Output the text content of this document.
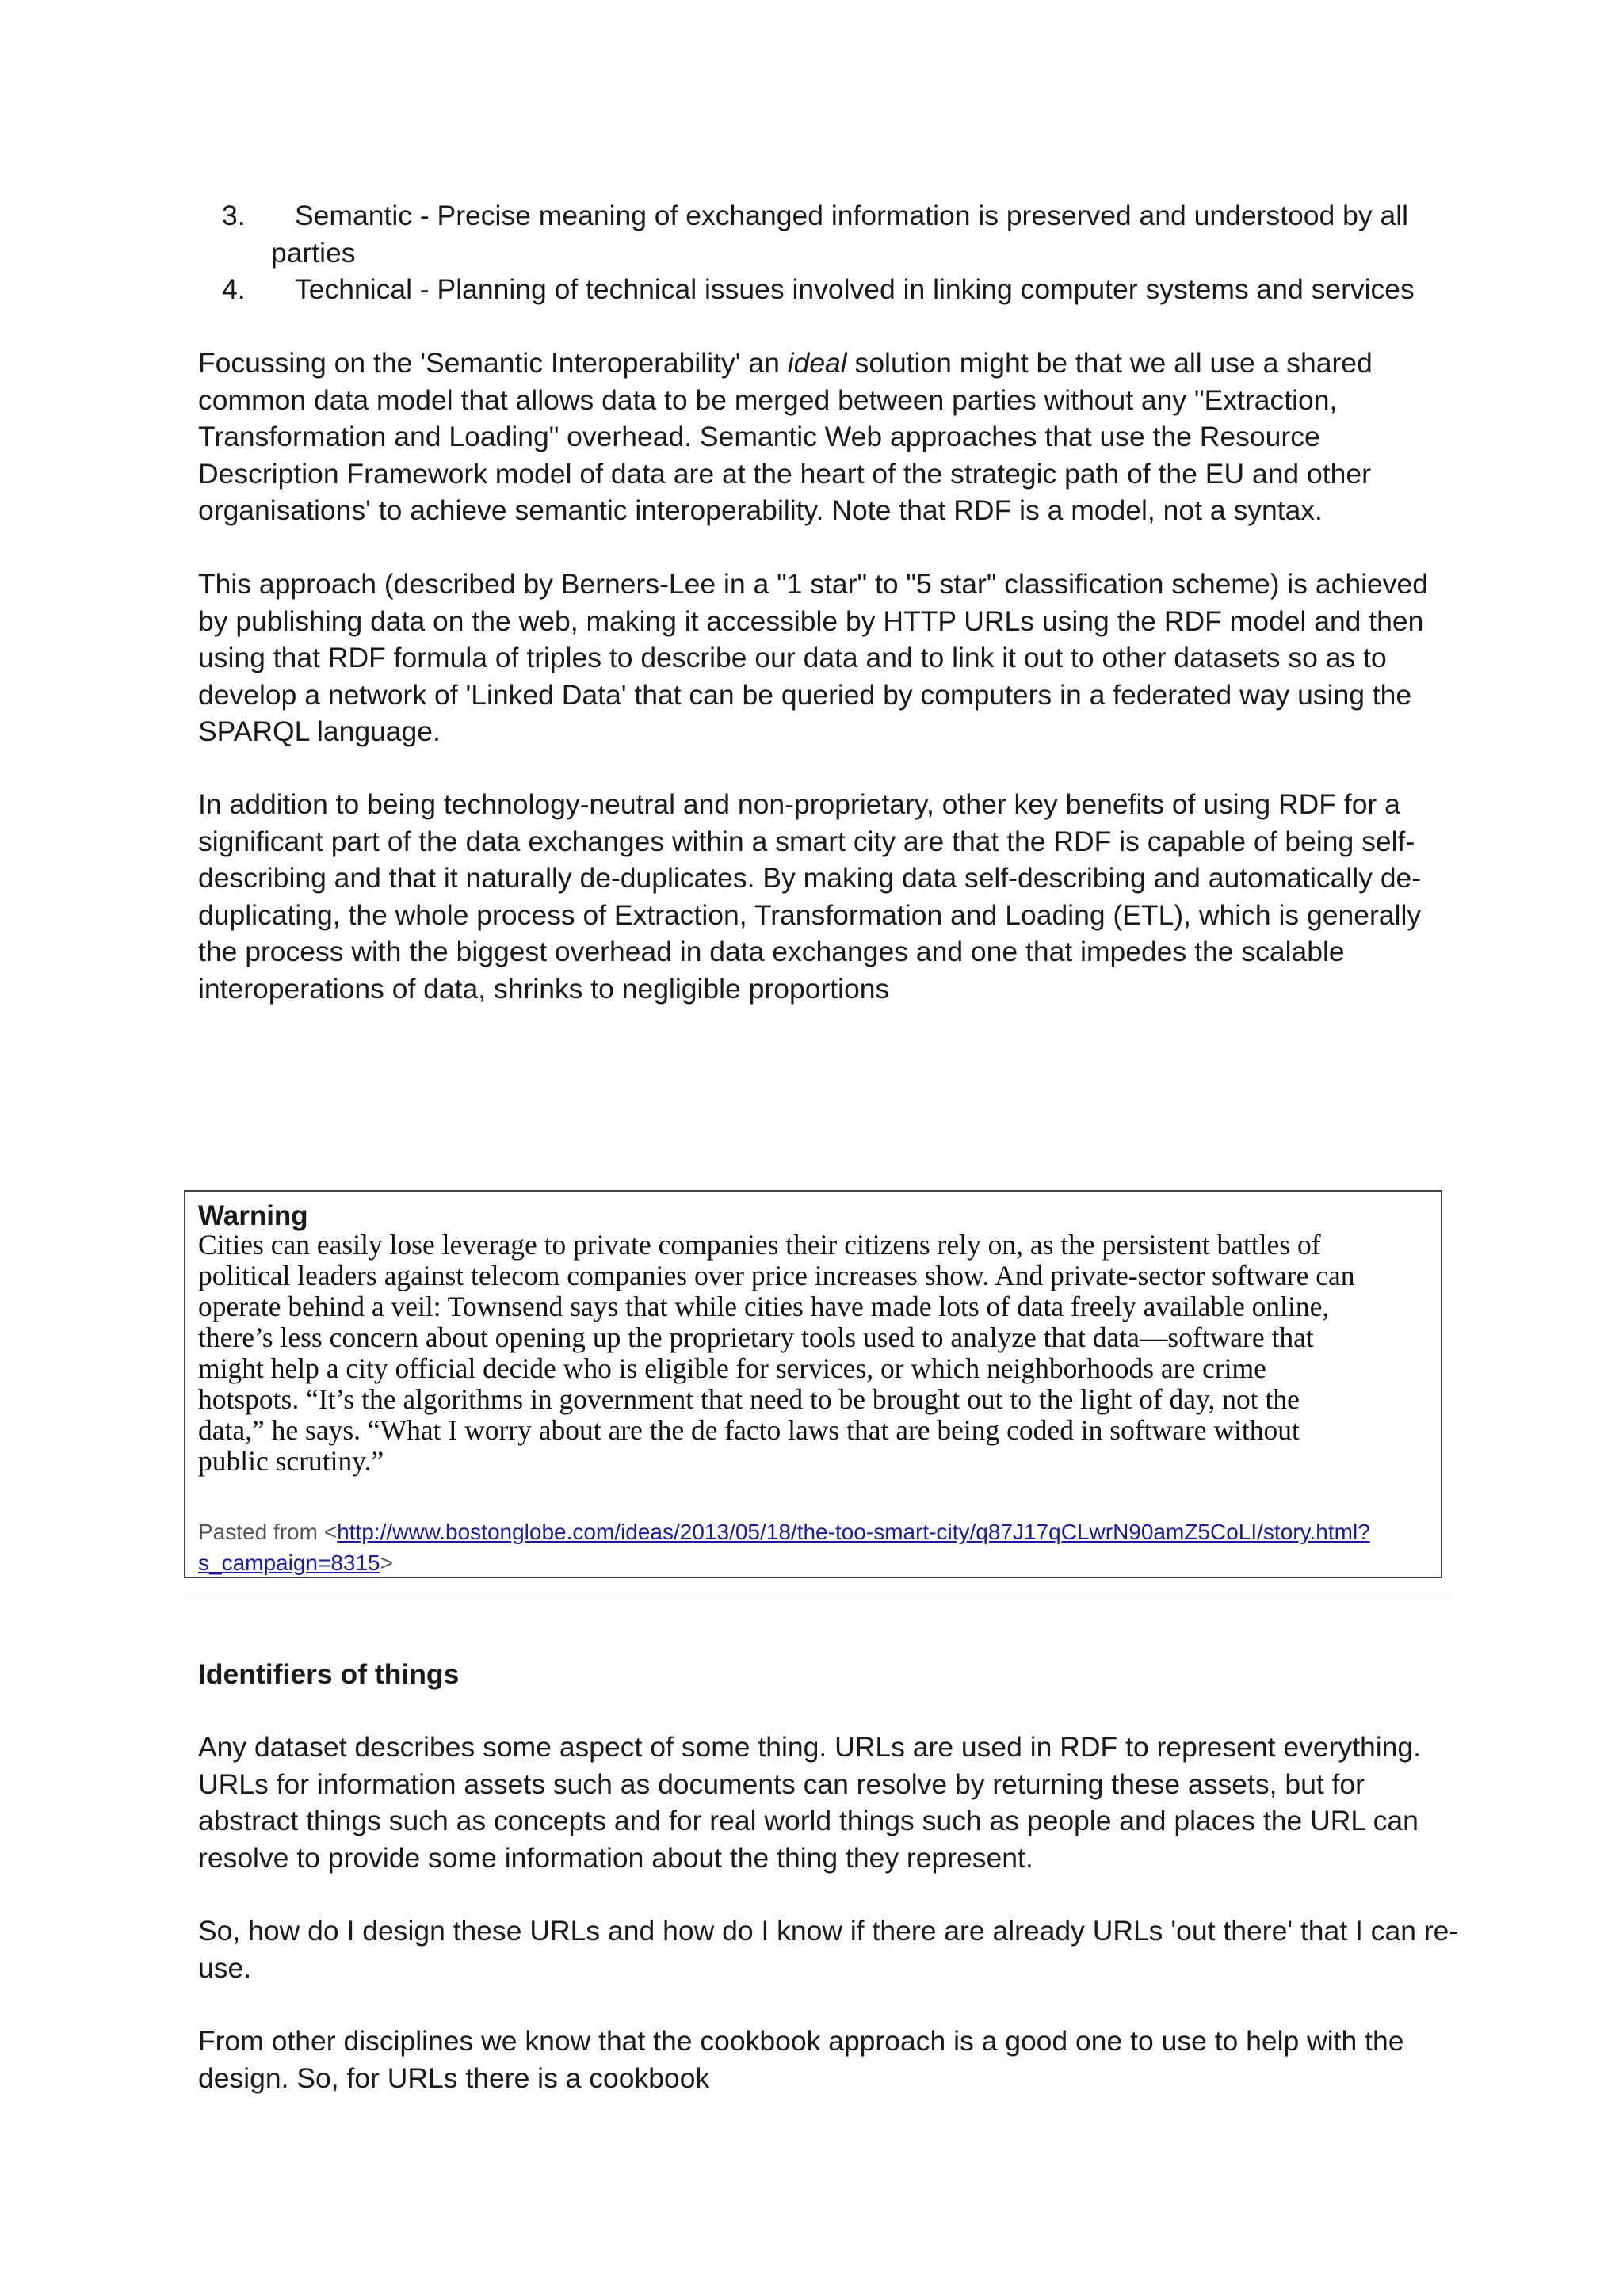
3. Semantic - Precise meaning of exchanged information is preserved and understood by all
parties
4. Technical - Planning of technical issues involved in linking computer systems and services

Focussing on the 'Semantic Interoperability' an ideal solution might be that we all use a shared
common data model that allows data to be merged between parties without any "Extraction,
Transformation and Loading" overhead. Semantic Web approaches that use the Resource
Description Framework model of data are at the heart of the strategic path of the EU and other
organisations' to achieve semantic interoperability. Note that RDF is a model, not a syntax.

This approach (described by Berners-Lee in a "1 star" to "5 star" classification scheme) is achieved
by publishing data on the web, making it accessible by HTTP URLs using the RDF model and then
using that RDF formula of triples to describe our data and to link it out to other datasets so as to
develop a network of 'Linked Data' that can be queried by computers in a federated way using the
SPARQL language.

In addition to being technology-neutral and non-proprietary, other key benefits of using RDF for a
significant part of the data exchanges within a smart city are that the RDF is capable of being self-
describing and that it naturally de-duplicates. By making data self-describing and automatically de-
duplicating, the whole process of Extraction, Transformation and Loading (ETL), which is generally
the process with the biggest overhead in data exchanges and one that impedes the scalable
interoperations of data, shrinks to negligible proportions

Warning
Cities can easily lose leverage to private companies their citizens rely on, as the persistent battles of
political leaders against telecom companies over price increases show. And private-sector software can
operate behind a veil: Townsend says that while cities have made lots of data freely available online,
there’s less concern about opening up the proprietary tools used to analyze that data—software that
might help a city official decide who is eligible for services, or which neighborhoods are crime
hotspots. “It’s the algorithms in government that need to be brought out to the light of day, not the
data,” he says. “What I worry about are the de facto laws that are being coded in software without
public scrutiny.”
Pasted from <http://www.bostonglobe.com/ideas/2013/05/18/the-too-smart-city/q87J17qCLwrN90amZ5CoLI/story.html?
s_campaign=8315>
Identifiers of things

Any dataset describes some aspect of some thing. URLs are used in RDF to represent everything.
URLs for information assets such as documents can resolve by returning these assets, but for
abstract things such as concepts and for real world things such as people and places the URL can
resolve to provide some information about the thing they represent.

So, how do I design these URLs and how do I know if there are already URLs 'out there' that I can re-
use.

From other disciplines we know that the cookbook approach is a good one to use to help with the
design. So, for URLs there is a cookbook
